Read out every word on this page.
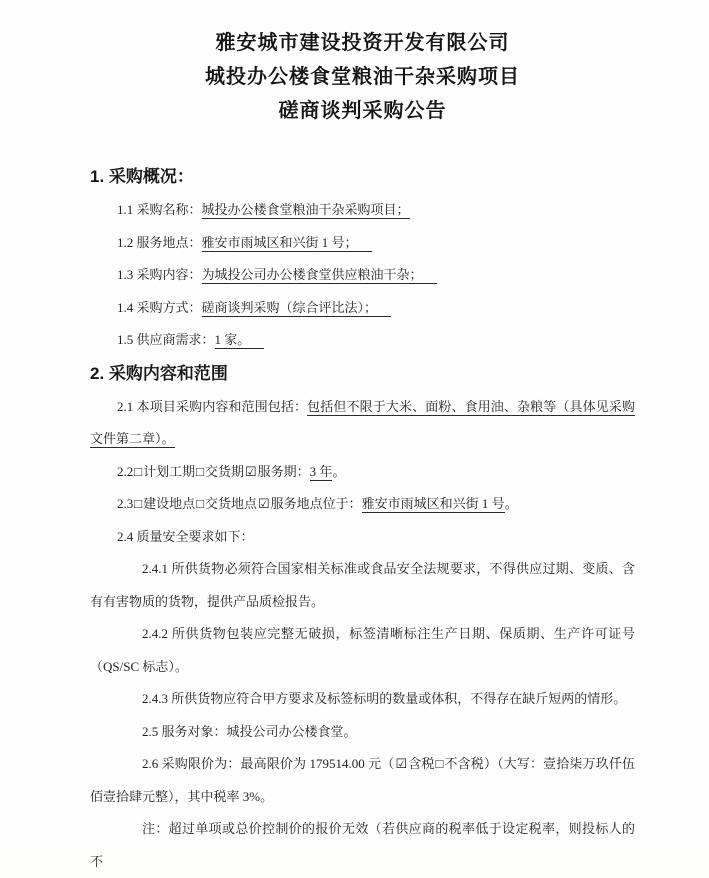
雅安城市建设投资开发有限公司
城投办公楼食堂粮油干杂采购项目
磋商谈判采购公告
1. 采购概况：

1.1 采购名称：城投办公楼食堂粮油干杂采购项目；

1.2 服务地点：雅安市雨城区和兴街 1 号；

1.3 采购内容：为城投公司办公楼食堂供应粮油干杂；

1.4 采购方式：磋商谈判采购（综合评比法）；

1.5 供应商需求：1 家。

2. 采购内容和范围

2.1 本项目采购内容和范围包括：包括但不限于大米、面粉、食用油、杂粮等（具体见采购文件第二章）。

2.2□计划工期□交货期☑服务期：3 年。

2.3□建设地点□交货地点☑服务地点位于：雅安市雨城区和兴街 1 号。

2.4 质量安全要求如下：

2.4.1 所供货物必须符合国家相关标准或食品安全法规要求，不得供应过期、变质、含有有害物质的货物，提供产品质检报告。

2.4.2 所供货物包装应完整无破损，标签清晰标注生产日期、保质期、生产许可证号（QS/SC 标志）。

2.4.3 所供货物应符合甲方要求及标签标明的数量或体积，不得存在缺斤短两的情形。

2.5 服务对象：城投公司办公楼食堂。

2.6 采购限价为：最高限价为 179514.00 元（☑含税□不含税）（大写：壹拾柒万玖仟伍佰壹拾肆元整），其中税率 3%。

注：超过单项或总价控制价的报价无效（若供应商的税率低于设定税率，则投标人的不
